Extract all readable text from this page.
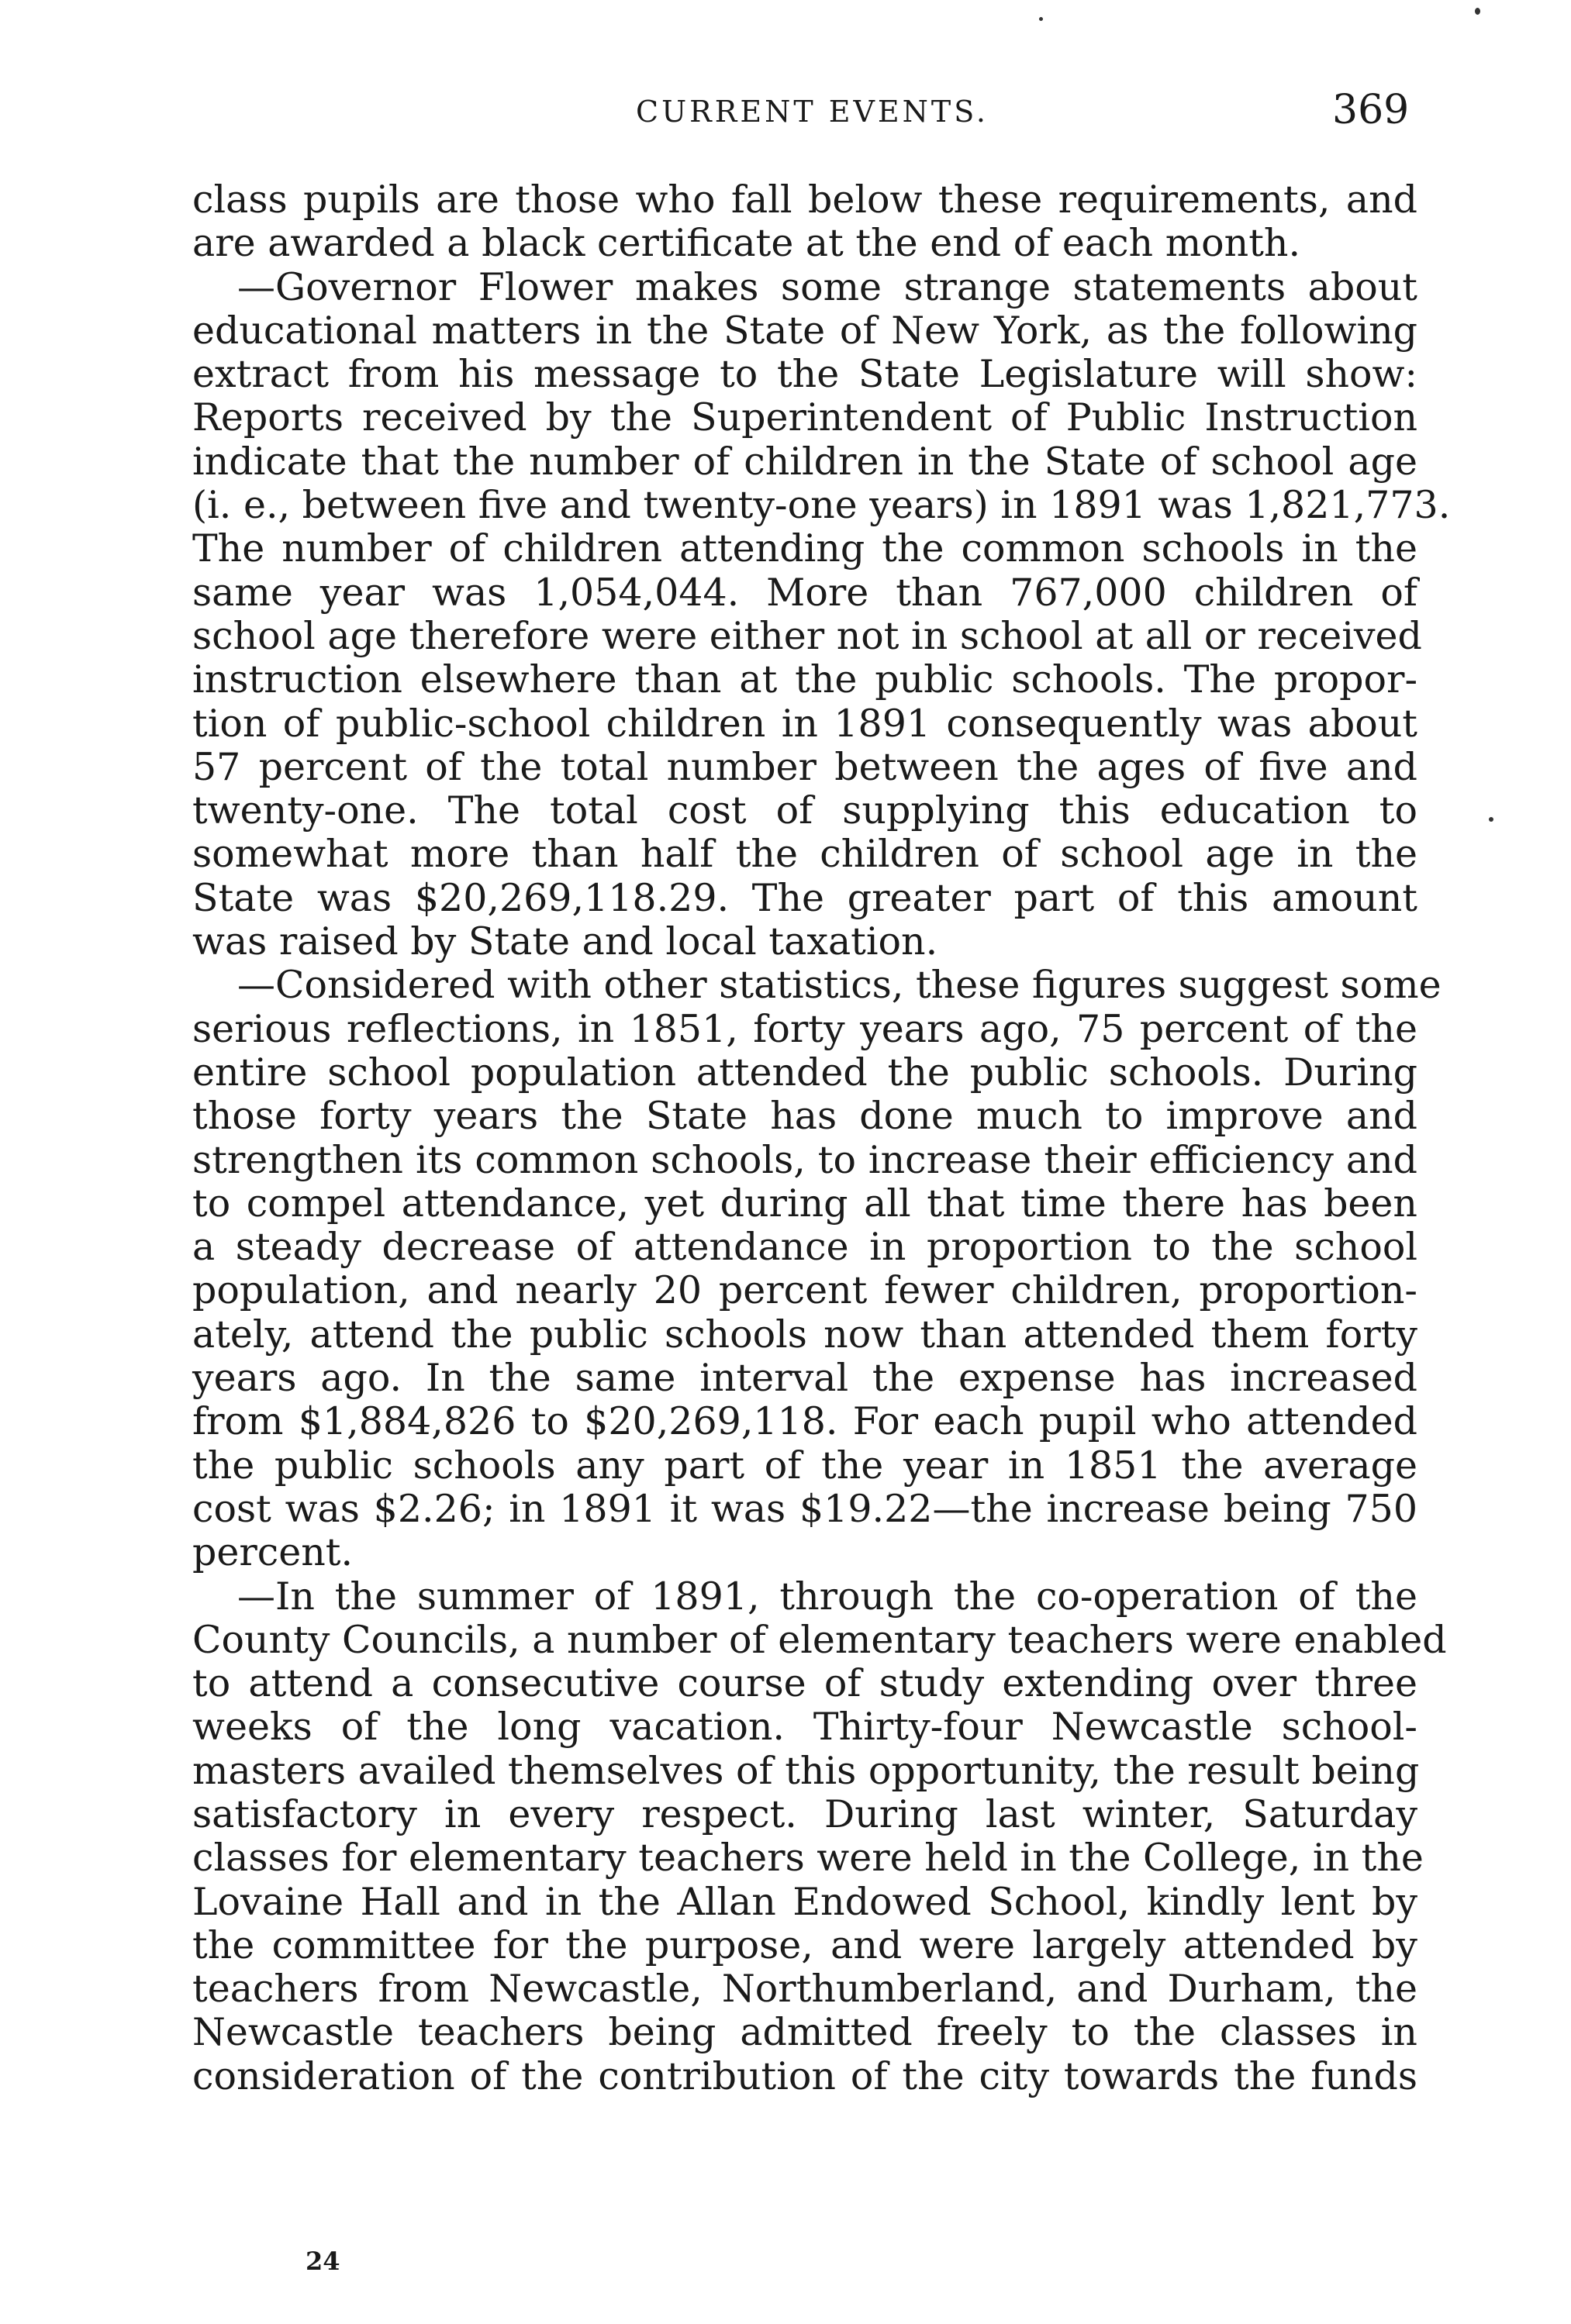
CURRENT EVENTS.	369
class pupils are those who fall below these requirements, and
are awarded a black certificate at the end of each month.
—Governor Flower makes some strange statements about
educational matters in the State of New York, as the following
extract from his message to the State Legislature will show:
Reports received by the Superintendent of Public Instruction
indicate that the number of children in the State of school age
(i. e., between five and twenty-one years) in 1891 was 1,821,773.
The number of children attending the common schools in the
same year was 1,054,044. More than 767,000 children of
school age therefore were either not in school at all or received
instruction elsewhere than at the public schools. The propor-
tion of public-school children in 1891 consequently was about
57 percent of the total number between the ages of five and
twenty-one. The total cost of supplying this education to
somewhat more than half the children of school age in the
State was $20,269,118.29. The greater part of this amount
was raised by State and local taxation.
—Considered with other statistics, these figures suggest some
serious reflections, in 1851, forty years ago, 75 percent of the
entire school population attended the public schools. During
those forty years the State has done much to improve and
strengthen its common schools, to increase their efficiency and
to compel attendance, yet during all that time there has been
a steady decrease of attendance in proportion to the school
population, and nearly 20 percent fewer children, proportion-
ately, attend the public schools now than attended them forty
years ago. In the same interval the expense has increased
from $1,884,826 to $20,269,118. For each pupil who attended
the public schools any part of the year in 1851 the average
cost was $2.26; in 1891 it was $19.22—the increase being 750
percent.
—In the summer of 1891, through the co-operation of the
County Councils, a number of elementary teachers were enabled
to attend a consecutive course of study extending over three
weeks of the long vacation. Thirty-four Newcastle school-
masters availed themselves of this opportunity, the result being
satisfactory in every respect. During last winter, Saturday
classes for elementary teachers were held in the College, in the
Lovaine Hall and in the Allan Endowed School, kindly lent by
the committee for the purpose, and were largely attended by
teachers from Newcastle, Northumberland, and Durham, the
Newcastle teachers being admitted freely to the classes in
consideration of the contribution of the city towards the funds
24
